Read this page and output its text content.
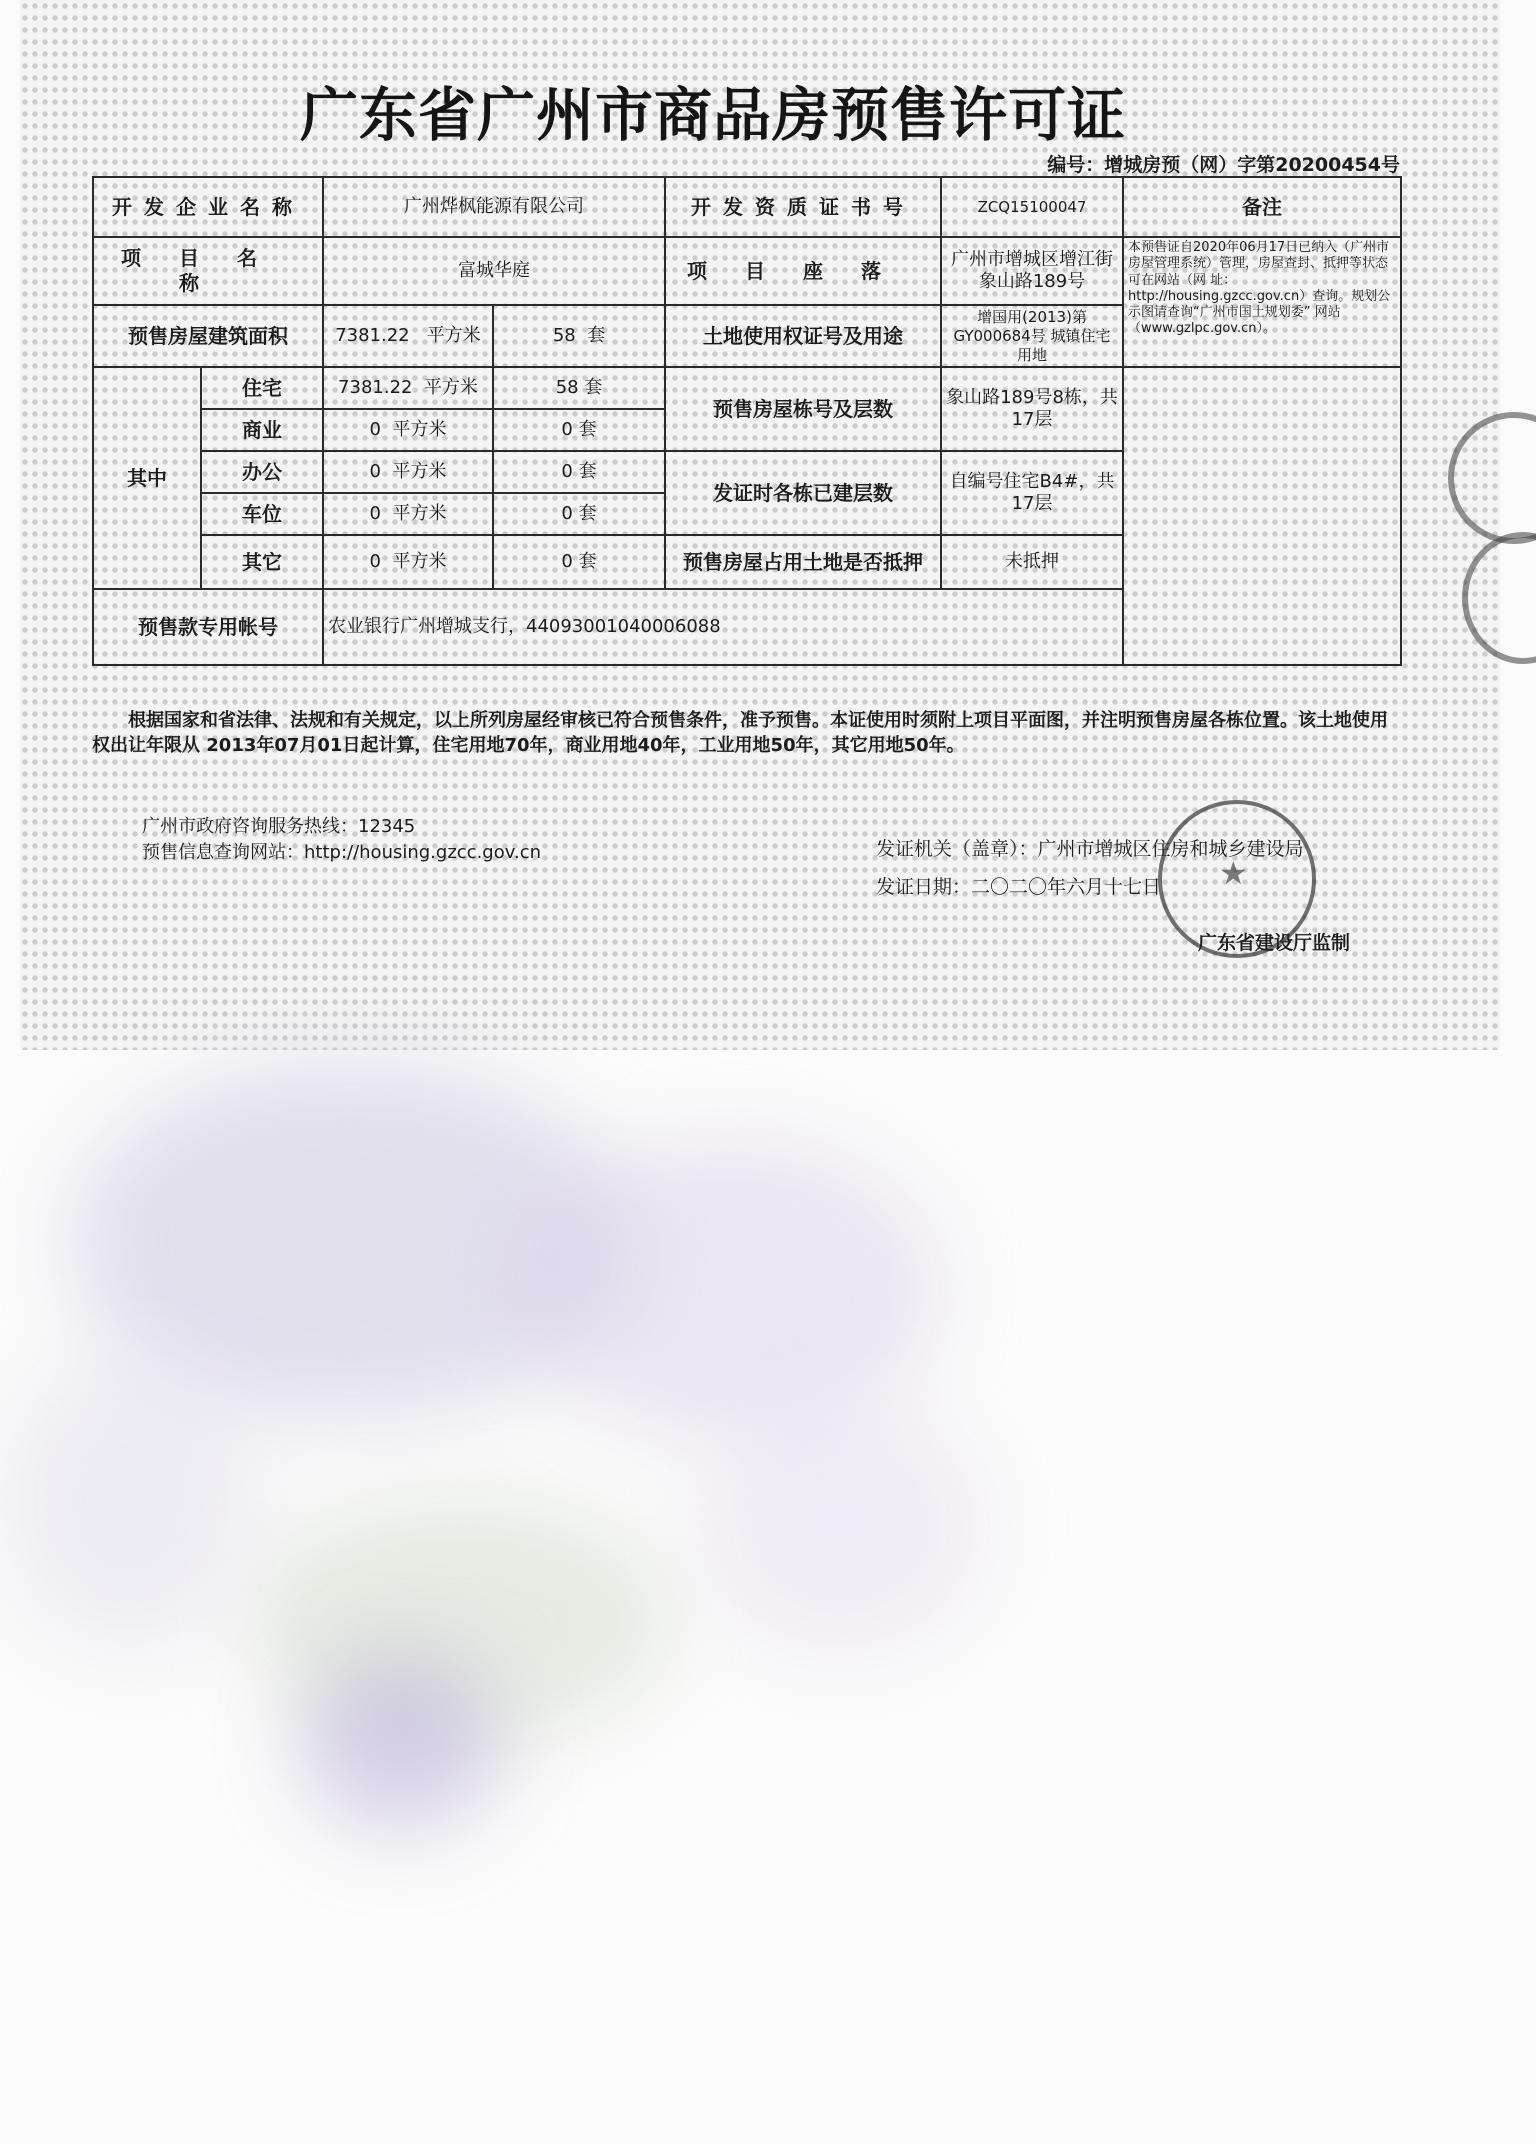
广东省广州市商品房预售许可证
编号：增城房预（网）字第20200454号
开发企业名称		广州烨枫能源有限公司		开发资质证书号	ZCQ15100047	备注
项目名称		富城华庭		项目座落	广州市增城区增江街象山路189号	本预售证自2020年06月17日已纳入（广州市房屋管理系统）管理，房屋查封、抵押等状态可在网站（网 址：http://housing.gzcc.gov.cn）查询。规划公示图请查询“广州市国土规划委” 网站（www.gzlpc.gov.cn）。
预售房屋建筑面积		7381.22 平方米	58 套	土地使用权证号及用途	增国用(2013)第GY000684号 城镇住宅用地	
其中	住宅	7381.22 平方米	58 套	预售房屋栋号及层数	象山路189号8栋，共17层	
	商业	0 平方米	0 套			
	办公	0 平方米	0 套	发证时各栋已建层数	自编号住宅B4#，共17层	
	车位	0 平方米	0 套			
	其它	0 平方米	0 套	预售房屋占用土地是否抵押	未抵押	
预售款专用帐号		农业银行广州增城支行，44093001040006088				

根据国家和省法律、法规和有关规定，以上所列房屋经审核已符合预售条件，准予预售。本证使用时须附上项目平面图，并注明预售房屋各栋位置。该土地使用权出让年限从 2013年07月01日起计算，住宅用地70年，商业用地40年，工业用地50年，其它用地50年。

广州市政府咨询服务热线：12345

预售信息查询网站：http://housing.gzcc.gov.cn	发证机关（盖章）：广州市增城区住房和城乡建设局

发证日期：二〇二〇年六月十七日

广东省建设厅监制

★
